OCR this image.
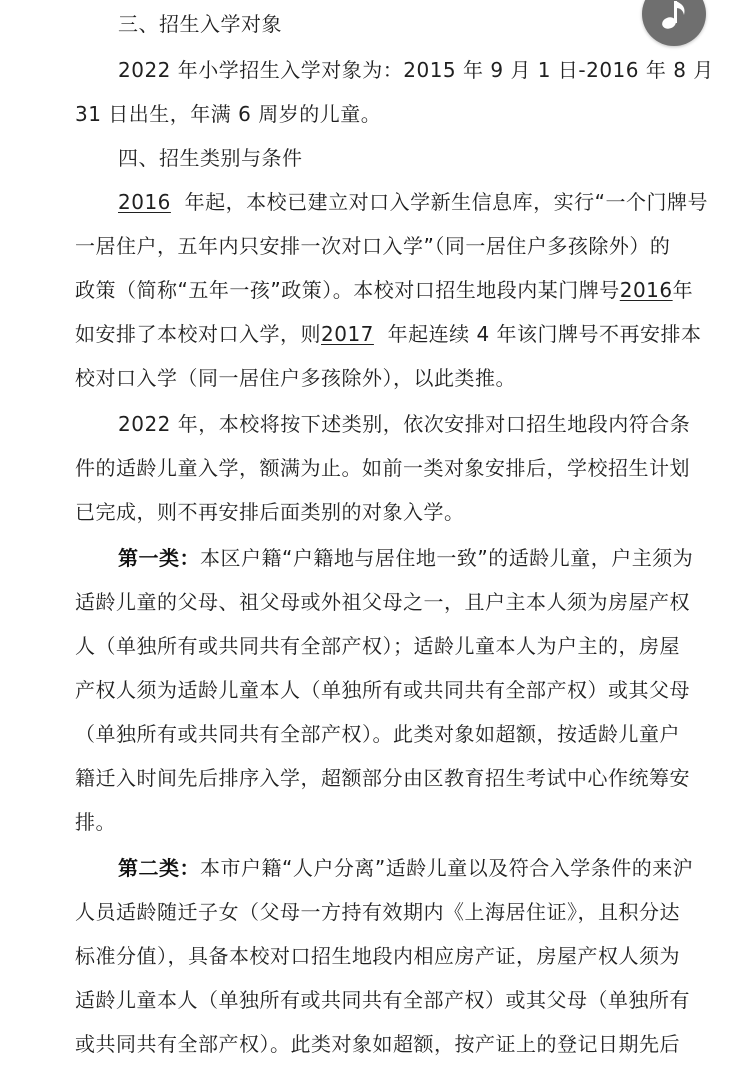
三、招生入学对象
2022 年小学招生入学对象为：2015 年 9 月 1 日-2016 年 8 月
31 日出生，年满 6 周岁的儿童。
四、招生类别与条件
2016  年起，本校已建立对口入学新生信息库，实行“一个门牌号
一居住户，五年内只安排一次对口入学”（同一居住户多孩除外）的
政策（简称“五年一孩”政策）。本校对口招生地段内某门牌号2016年
如安排了本校对口入学，则2017  年起连续 4 年该门牌号不再安排本
校对口入学（同一居住户多孩除外），以此类推。
2022 年，本校将按下述类别，依次安排对口招生地段内符合条
件的适龄儿童入学，额满为止。如前一类对象安排后，学校招生计划
已完成，则不再安排后面类别的对象入学。
第一类：本区户籍“户籍地与居住地一致”的适龄儿童，户主须为
适龄儿童的父母、祖父母或外祖父母之一，且户主本人须为房屋产权
人（单独所有或共同共有全部产权）；适龄儿童本人为户主的，房屋
产权人须为适龄儿童本人（单独所有或共同共有全部产权）或其父母
（单独所有或共同共有全部产权）。此类对象如超额，按适龄儿童户
籍迁入时间先后排序入学，超额部分由区教育招生考试中心作统筹安
排。
第二类：本市户籍“人户分离”适龄儿童以及符合入学条件的来沪
人员适龄随迁子女（父母一方持有效期内《上海居住证》，且积分达
标准分值），具备本校对口招生地段内相应房产证，房屋产权人须为
适龄儿童本人（单独所有或共同共有全部产权）或其父母（单独所有
或共同共有全部产权）。此类对象如超额，按产证上的登记日期先后
